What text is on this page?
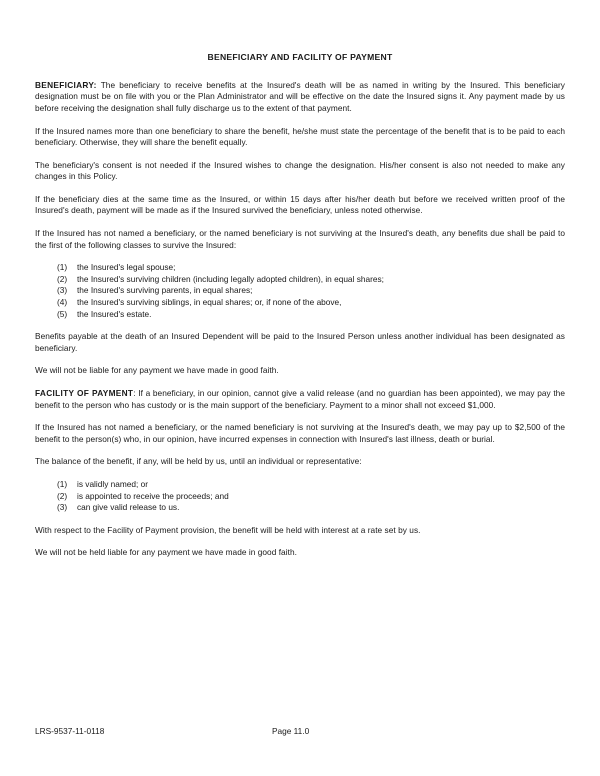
BENEFICIARY AND FACILITY OF PAYMENT

BENEFICIARY: The beneficiary to receive benefits at the Insured's death will be as named in writing by the Insured. This beneficiary designation must be on file with you or the Plan Administrator and will be effective on the date the Insured signs it. Any payment made by us before receiving the designation shall fully discharge us to the extent of that payment.

If the Insured names more than one beneficiary to share the benefit, he/she must state the percentage of the benefit that is to be paid to each beneficiary. Otherwise, they will share the benefit equally.

The beneficiary's consent is not needed if the Insured wishes to change the designation. His/her consent is also not needed to make any changes in this Policy.

If the beneficiary dies at the same time as the Insured, or within 15 days after his/her death but before we received written proof of the Insured's death, payment will be made as if the Insured survived the beneficiary, unless noted otherwise.

If the Insured has not named a beneficiary, or the named beneficiary is not surviving at the Insured's death, any benefits due shall be paid to the first of the following classes to survive the Insured:

(1) the Insured's legal spouse;
(2) the Insured's surviving children (including legally adopted children), in equal shares;
(3) the Insured's surviving parents, in equal shares;
(4) the Insured's surviving siblings, in equal shares; or, if none of the above,
(5) the Insured's estate.

Benefits payable at the death of an Insured Dependent will be paid to the Insured Person unless another individual has been designated as beneficiary.

We will not be liable for any payment we have made in good faith.

FACILITY OF PAYMENT: If a beneficiary, in our opinion, cannot give a valid release (and no guardian has been appointed), we may pay the benefit to the person who has custody or is the main support of the beneficiary. Payment to a minor shall not exceed $1,000.

If the Insured has not named a beneficiary, or the named beneficiary is not surviving at the Insured's death, we may pay up to $2,500 of the benefit to the person(s) who, in our opinion, have incurred expenses in connection with Insured's last illness, death or burial.

The balance of the benefit, if any, will be held by us, until an individual or representative:

(1) is validly named; or
(2) is appointed to receive the proceeds; and
(3) can give valid release to us.

With respect to the Facility of Payment provision, the benefit will be held with interest at a rate set by us.

We will not be held liable for any payment we have made in good faith.

LRS-9537-11-0118	Page 11.0
